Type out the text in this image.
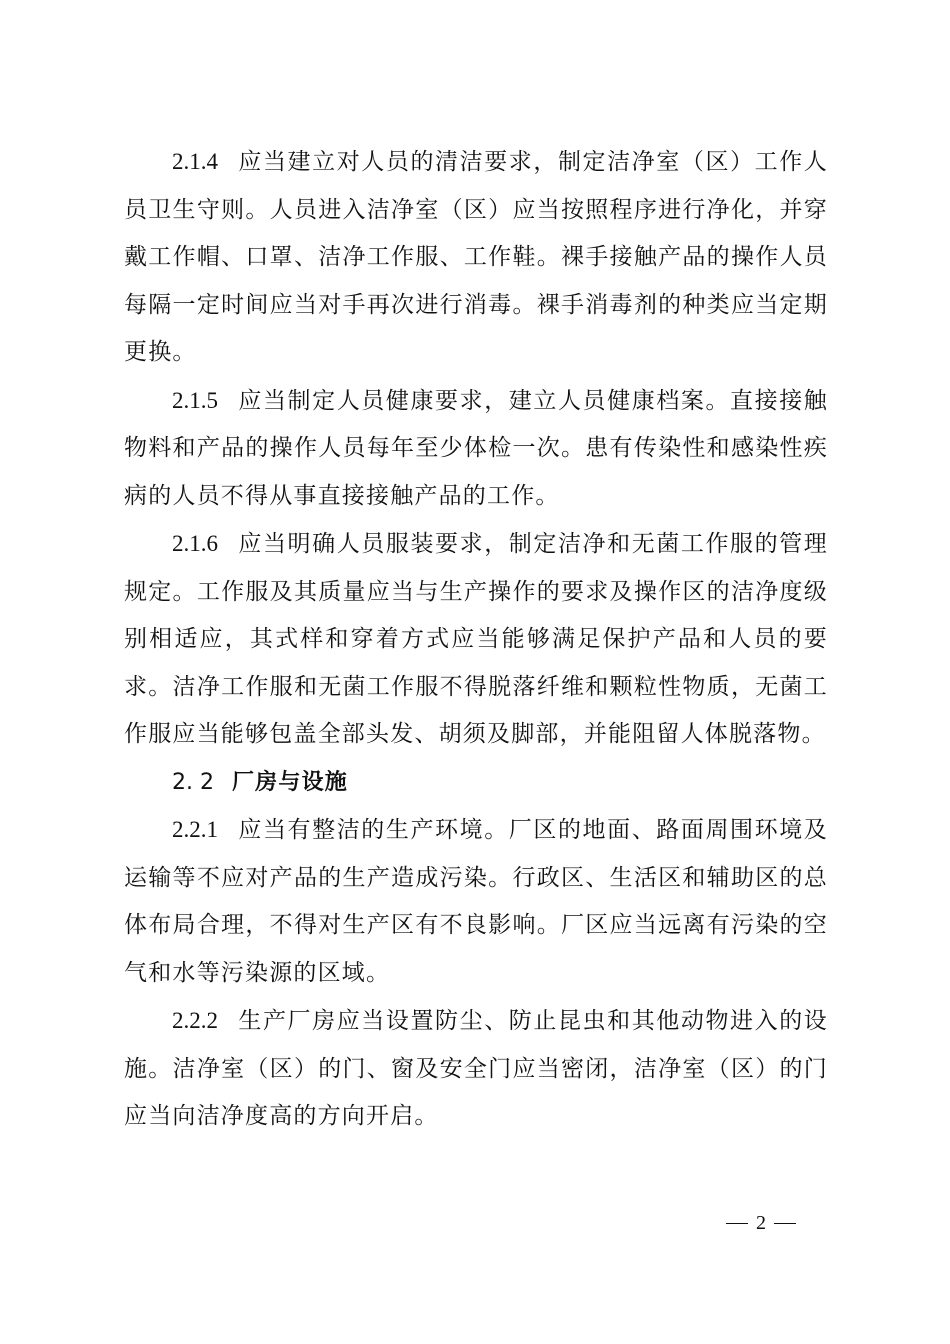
2.1.4 应当建立对人员的清洁要求，制定洁净室（区）工作人员卫生守则。人员进入洁净室（区）应当按照程序进行净化，并穿戴工作帽、口罩、洁净工作服、工作鞋。裸手接触产品的操作人员每隔一定时间应当对手再次进行消毒。裸手消毒剂的种类应当定期更换。

2.1.5 应当制定人员健康要求，建立人员健康档案。直接接触物料和产品的操作人员每年至少体检一次。患有传染性和感染性疾病的人员不得从事直接接触产品的工作。

2.1.6 应当明确人员服装要求，制定洁净和无菌工作服的管理规定。工作服及其质量应当与生产操作的要求及操作区的洁净度级别相适应，其式样和穿着方式应当能够满足保护产品和人员的要求。洁净工作服和无菌工作服不得脱落纤维和颗粒性物质，无菌工作服应当能够包盖全部头发、胡须及脚部，并能阻留人体脱落物。

2. 2 厂房与设施

2.2.1 应当有整洁的生产环境。厂区的地面、路面周围环境及运输等不应对产品的生产造成污染。行政区、生活区和辅助区的总体布局合理，不得对生产区有不良影响。厂区应当远离有污染的空气和水等污染源的区域。

2.2.2 生产厂房应当设置防尘、防止昆虫和其他动物进入的设施。洁净室（区）的门、窗及安全门应当密闭，洁净室（区）的门应当向洁净度高的方向开启。

2
